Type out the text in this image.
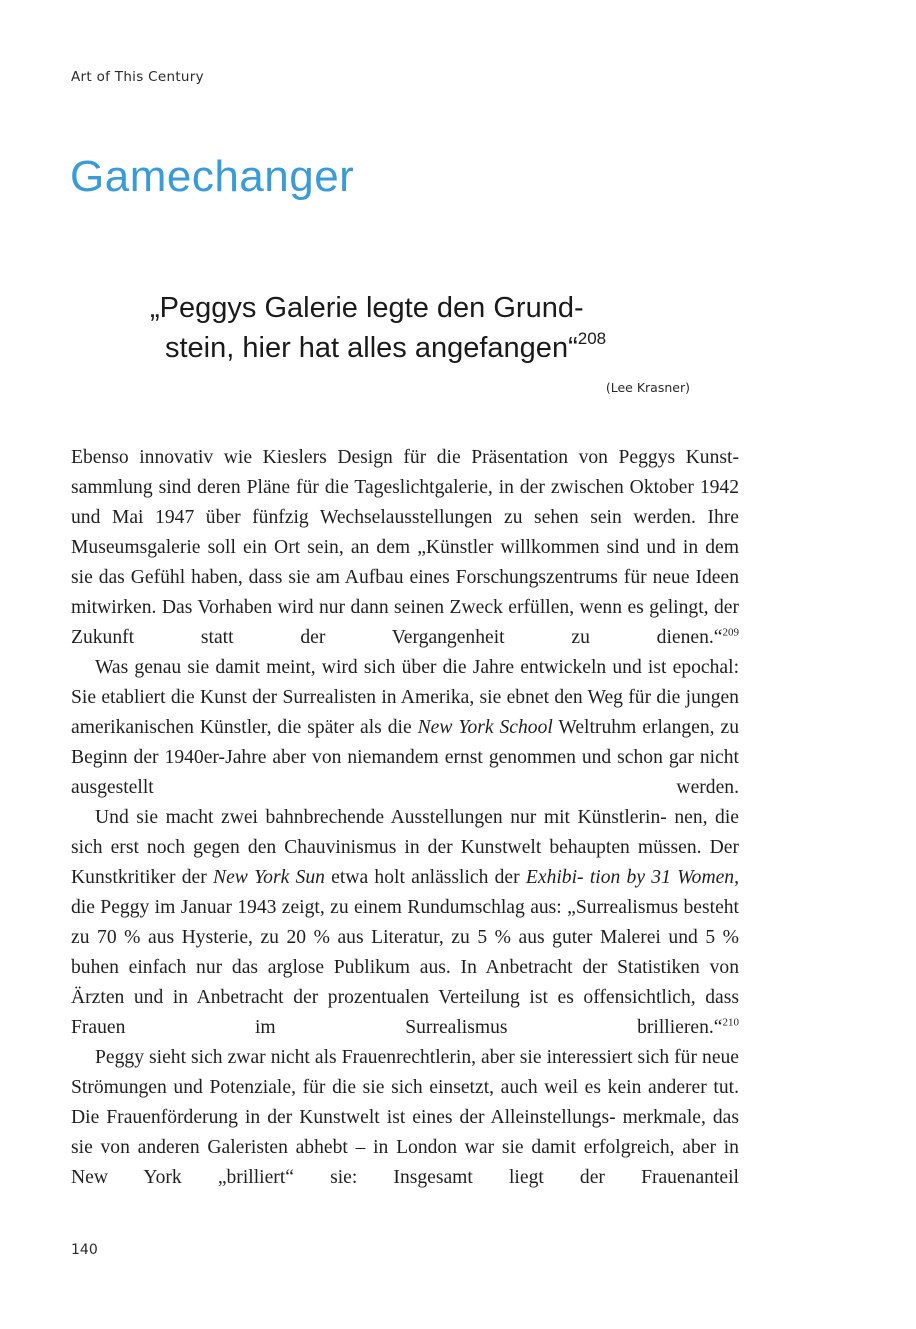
Art of This Century
Gamechanger
„Peggys Galerie legte den Grund-
stein, hier hat alles angefangen“$^{208}$
(Lee Krasner)

Ebenso innovativ wie Kieslers Design für die Präsentation von Peggys Kunst- sammlung sind deren Pläne für die Tageslichtgalerie, in der zwischen Oktober 1942 und Mai 1947 über fünfzig Wechselausstellungen zu sehen sein werden. Ihre Museumsgalerie soll ein Ort sein, an dem „Künstler willkommen sind und in dem sie das Gefühl haben, dass sie am Aufbau eines Forschungszentrums für neue Ideen mitwirken. Das Vorhaben wird nur dann seinen Zweck erfüllen, wenn es gelingt, der Zukunft statt der Vergangenheit zu dienen.“$^{209}$

Was genau sie damit meint, wird sich über die Jahre entwickeln und ist epochal: Sie etabliert die Kunst der Surrealisten in Amerika, sie ebnet den Weg für die jungen amerikanischen Künstler, die später als die New York School Weltruhm erlangen, zu Beginn der 1940er-Jahre aber von niemandem ernst genommen und schon gar nicht ausgestellt werden.

Und sie macht zwei bahnbrechende Ausstellungen nur mit Künstlerin- nen, die sich erst noch gegen den Chauvinismus in der Kunstwelt behaupten müssen. Der Kunstkritiker der New York Sun etwa holt anlässlich der Exhibi- tion by 31 Women, die Peggy im Januar 1943 zeigt, zu einem Rundumschlag aus: „Surrealismus besteht zu 70 % aus Hysterie, zu 20 % aus Literatur, zu 5 % aus guter Malerei und 5 % buhen einfach nur das arglose Publikum aus. In Anbetracht der Statistiken von Ärzten und in Anbetracht der prozentualen Verteilung ist es offensichtlich, dass Frauen im Surrealismus brillieren.“$^{210}$

Peggy sieht sich zwar nicht als Frauenrechtlerin, aber sie interessiert sich für neue Strömungen und Potenziale, für die sie sich einsetzt, auch weil es kein anderer tut. Die Frauenförderung in der Kunstwelt ist eines der Alleinstellungs- merkmale, das sie von anderen Galeristen abhebt – in London war sie damit erfolgreich, aber in New York „brilliert“ sie: Insgesamt liegt der Frauenanteil

140
